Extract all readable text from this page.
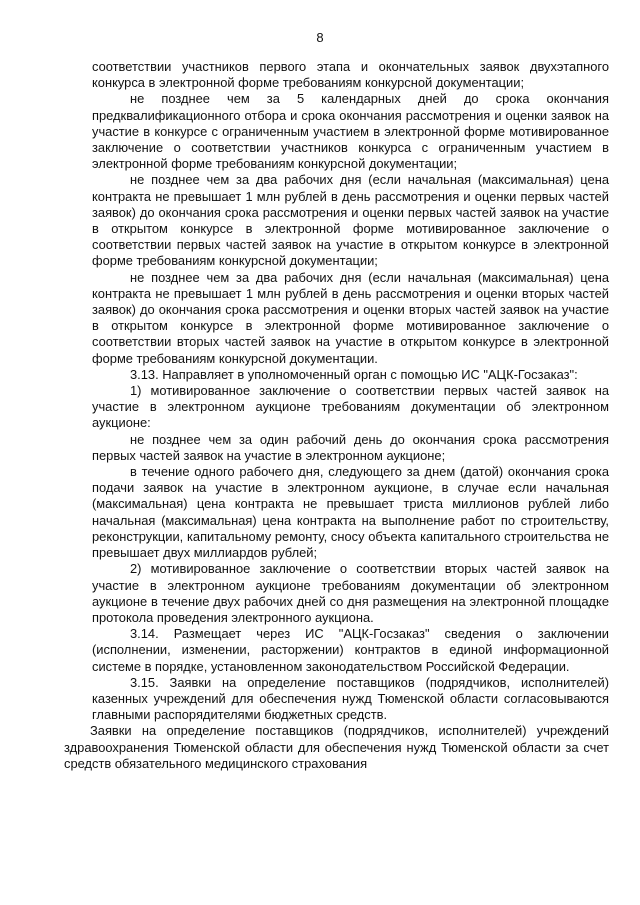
8

соответствии участников первого этапа и окончательных заявок двухэтапного конкурса в электронной форме требованиям конкурсной документации;

не позднее чем за 5 календарных дней до срока окончания предквалификационного отбора и срока окончания рассмотрения и оценки заявок на участие в конкурсе с ограниченным участием в электронной форме мотивированное заключение о соответствии участников конкурса с ограниченным участием в электронной форме требованиям конкурсной документации;

не позднее чем за два рабочих дня (если начальная (максимальная) цена контракта не превышает 1 млн рублей в день рассмотрения и оценки первых частей заявок) до окончания срока рассмотрения и оценки первых частей заявок на участие в открытом конкурсе в электронной форме мотивированное заключение о соответствии первых частей заявок на участие в открытом конкурсе в электронной форме требованиям конкурсной документации;

не позднее чем за два рабочих дня (если начальная (максимальная) цена контракта не превышает 1 млн рублей в день рассмотрения и оценки вторых частей заявок) до окончания срока рассмотрения и оценки вторых частей заявок на участие в открытом конкурсе в электронной форме мотивированное заключение о соответствии вторых частей заявок на участие в открытом конкурсе в электронной форме требованиям конкурсной документации.

3.13. Направляет в уполномоченный орган с помощью ИС "АЦК-Госзаказ":

1) мотивированное заключение о соответствии первых частей заявок на участие в электронном аукционе требованиям документации об электронном аукционе:

не позднее чем за один рабочий день до окончания срока рассмотрения первых частей заявок на участие в электронном аукционе;

в течение одного рабочего дня, следующего за днем (датой) окончания срока подачи заявок на участие в электронном аукционе, в случае если начальная (максимальная) цена контракта не превышает триста миллионов рублей либо начальная (максимальная) цена контракта на выполнение работ по строительству, реконструкции, капитальному ремонту, сносу объекта капитального строительства не превышает двух миллиардов рублей;

2) мотивированное заключение о соответствии вторых частей заявок на участие в электронном аукционе требованиям документации об электронном аукционе в течение двух рабочих дней со дня размещения на электронной площадке протокола проведения электронного аукциона.

3.14. Размещает через ИС "АЦК-Госзаказ" сведения о заключении (исполнении, изменении, расторжении) контрактов в единой информационной системе в порядке, установленном законодательством Российской Федерации.

3.15. Заявки на определение поставщиков (подрядчиков, исполнителей) казенных учреждений для обеспечения нужд Тюменской области согласовываются главными распорядителями бюджетных средств.

Заявки на определение поставщиков (подрядчиков, исполнителей) учреждений здравоохранения Тюменской области для обеспечения нужд Тюменской области за счет средств обязательного медицинского страхования
